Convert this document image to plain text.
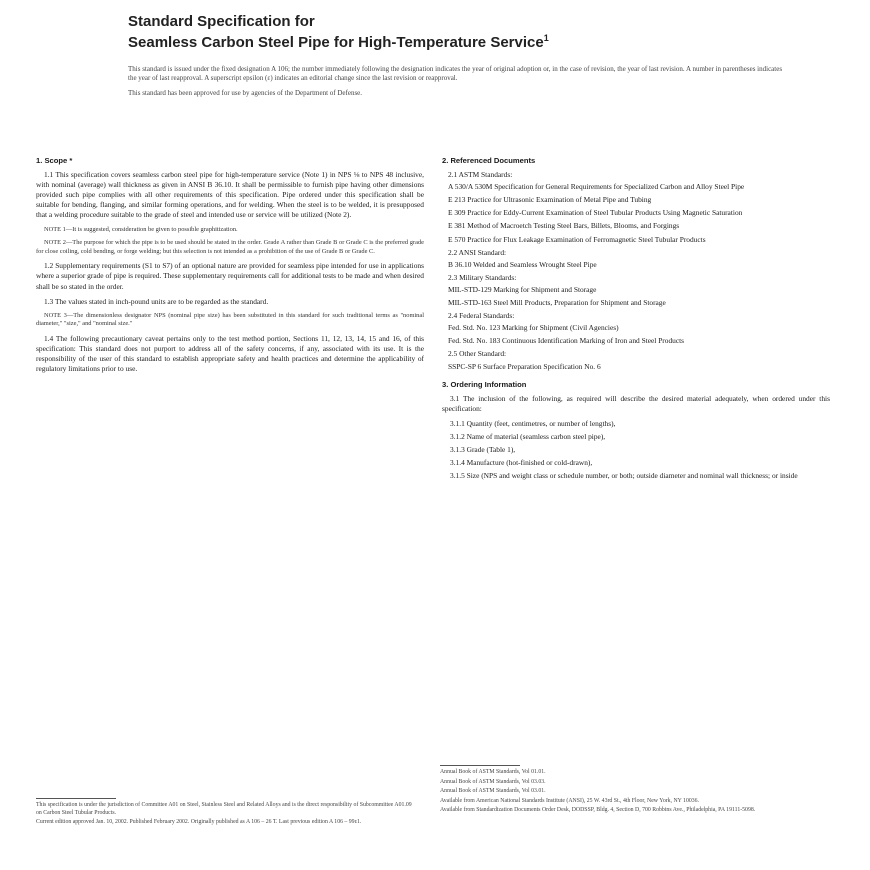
Standard Specification for
Seamless Carbon Steel Pipe for High-Temperature Service$^1$

This standard is issued under the fixed designation A 106; the number immediately following the designation indicates the year of original adoption or, in the case of revision, the year of last revision. A number in parentheses indicates the year of last reapproval. A superscript epsilon (ε) indicates an editorial change since the last revision or reapproval.

This standard has been approved for use by agencies of the Department of Defense.

1. Scope *

1.1 This specification covers seamless carbon steel pipe for high-temperature service (Note 1) in NPS ⅛ to NPS 48 inclusive, with nominal (average) wall thickness as given in ANSI B 36.10. It shall be permissible to furnish pipe having other dimensions provided such pipe complies with all other requirements of this specification. Pipe ordered under this specification shall be suitable for bending, flanging, and similar forming operations, and for welding. When the steel is to be welded, it is presupposed that a welding procedure suitable to the grade of steel and intended use or service will be utilized (Note 2).

NOTE 1—It is suggested, consideration be given to possible graphitization.

NOTE 2—The purpose for which the pipe is to be used should be stated in the order. Grade A rather than Grade B or Grade C is the preferred grade for close coiling, cold bending, or forge welding; but this selection is not intended as a prohibition of the use of Grade B or Grade C.

1.2 Supplementary requirements (S1 to S7) of an optional nature are provided for seamless pipe intended for use in applications where a superior grade of pipe is required. These supplementary requirements call for additional tests to be made and when desired shall be so stated in the order.

1.3 The values stated in inch-pound units are to be regarded as the standard.

NOTE 3—The dimensionless designator NPS (nominal pipe size) has been substituted in this standard for such traditional terms as "nominal diameter," "size," and "nominal size."

1.4 The following precautionary caveat pertains only to the test method portion, Sections 11, 12, 13, 14, 15 and 16, of this specification: This standard does not purport to address all of the safety concerns, if any, associated with its use. It is the responsibility of the user of this standard to establish appropriate safety and health practices and determine the applicability of regulatory limitations prior to use.

2. Referenced Documents
2.1 ASTM Standards:
A 530/A 530M Specification for General Requirements for Specialized Carbon and Alloy Steel Pipe
E 213 Practice for Ultrasonic Examination of Metal Pipe and Tubing
E 309 Practice for Eddy-Current Examination of Steel Tubular Products Using Magnetic Saturation
E 381 Method of Macroetch Testing Steel Bars, Billets, Blooms, and Forgings
E 570 Practice for Flux Leakage Examination of Ferromagnetic Steel Tubular Products
2.2 ANSI Standard:
B 36.10 Welded and Seamless Wrought Steel Pipe
2.3 Military Standards:
MIL-STD-129 Marking for Shipment and Storage
MIL-STD-163 Steel Mill Products, Preparation for Shipment and Storage
2.4 Federal Standards:
Fed. Std. No. 123 Marking for Shipment (Civil Agencies)
Fed. Std. No. 183 Continuous Identification Marking of Iron and Steel Products
2.5 Other Standard:
SSPC-SP 6 Surface Preparation Specification No. 6
3. Ordering Information

3.1 The inclusion of the following, as required will describe the desired material adequately, when ordered under this specification:

3.1.1 Quantity (feet, centimetres, or number of lengths),
3.1.2 Name of material (seamless carbon steel pipe),
3.1.3 Grade (Table 1),
3.1.4 Manufacture (hot-finished or cold-drawn),
3.1.5 Size (NPS and weight class or schedule number, or both; outside diameter and nominal wall thickness; or inside

This specification is under the jurisdiction of Committee A01 on Steel, Stainless Steel and Related Alloys and is the direct responsibility of Subcommittee A01.09 on Carbon Steel Tubular Products.

Current edition approved Jan. 10, 2002. Published February 2002. Originally published as A 106 – 26 T. Last previous edition A 106 – 99ε1.

Annual Book of ASTM Standards, Vol 01.01.

Annual Book of ASTM Standards, Vol 03.03.

Annual Book of ASTM Standards, Vol 03.01.

Available from American National Standards Institute (ANSI), 25 W. 43rd St., 4th Floor, New York, NY 10036.

Available from Standardization Documents Order Desk, DODSSP, Bldg. 4, Section D, 700 Robbins Ave., Philadelphia, PA 19111-5098.
